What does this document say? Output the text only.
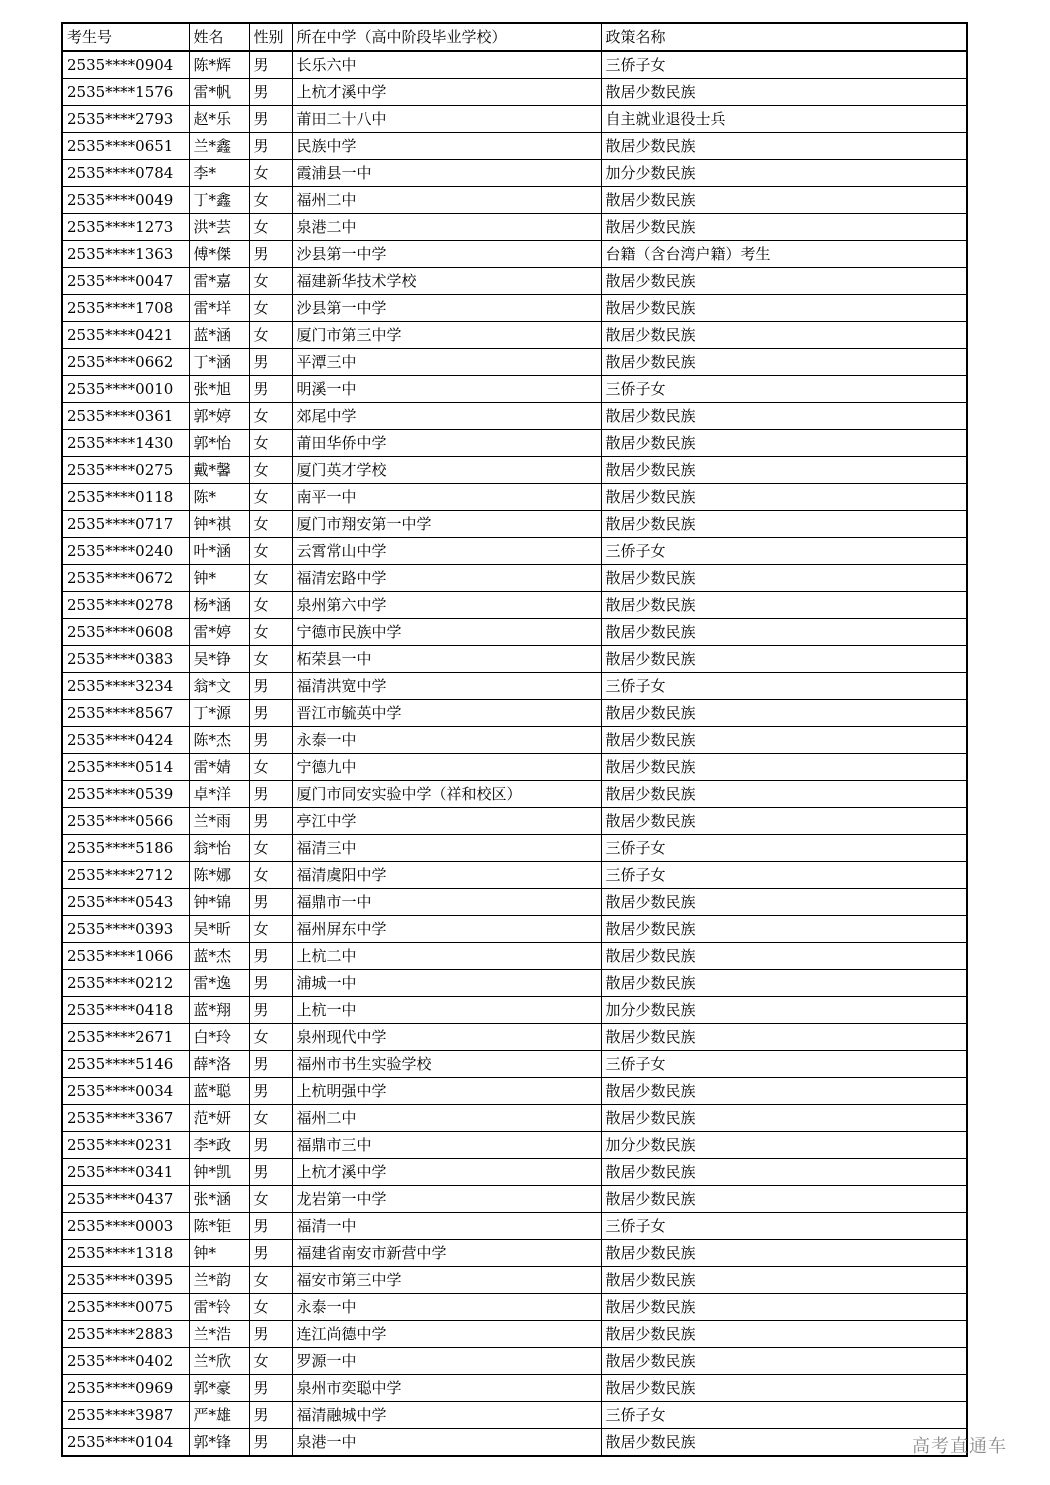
考生号	姓名	性别	所在中学（高中阶段毕业学校）	政策名称
2535****0904	陈*辉	男	长乐六中	三侨子女
2535****1576	雷*帆	男	上杭才溪中学	散居少数民族
2535****2793	赵*乐	男	莆田二十八中	自主就业退役士兵
2535****0651	兰*鑫	男	民族中学	散居少数民族
2535****0784	李*	女	霞浦县一中	加分少数民族
2535****0049	丁*鑫	女	福州二中	散居少数民族
2535****1273	洪*芸	女	泉港二中	散居少数民族
2535****1363	傅*傑	男	沙县第一中学	台籍（含台湾户籍）考生
2535****0047	雷*嘉	女	福建新华技术学校	散居少数民族
2535****1708	雷*垟	女	沙县第一中学	散居少数民族
2535****0421	蓝*涵	女	厦门市第三中学	散居少数民族
2535****0662	丁*涵	男	平潭三中	散居少数民族
2535****0010	张*旭	男	明溪一中	三侨子女
2535****0361	郭*婷	女	郊尾中学	散居少数民族
2535****1430	郭*怡	女	莆田华侨中学	散居少数民族
2535****0275	戴*馨	女	厦门英才学校	散居少数民族
2535****0118	陈*	女	南平一中	散居少数民族
2535****0717	钟*祺	女	厦门市翔安第一中学	散居少数民族
2535****0240	叶*涵	女	云霄常山中学	三侨子女
2535****0672	钟*	女	福清宏路中学	散居少数民族
2535****0278	杨*涵	女	泉州第六中学	散居少数民族
2535****0608	雷*婷	女	宁德市民族中学	散居少数民族
2535****0383	吴*铮	女	柘荣县一中	散居少数民族
2535****3234	翁*文	男	福清洪宽中学	三侨子女
2535****8567	丁*源	男	晋江市毓英中学	散居少数民族
2535****0424	陈*杰	男	永泰一中	散居少数民族
2535****0514	雷*婧	女	宁德九中	散居少数民族
2535****0539	卓*洋	男	厦门市同安实验中学（祥和校区）	散居少数民族
2535****0566	兰*雨	男	亭江中学	散居少数民族
2535****5186	翁*怡	女	福清三中	三侨子女
2535****2712	陈*娜	女	福清虞阳中学	三侨子女
2535****0543	钟*锦	男	福鼎市一中	散居少数民族
2535****0393	吴*昕	女	福州屏东中学	散居少数民族
2535****1066	蓝*杰	男	上杭二中	散居少数民族
2535****0212	雷*逸	男	浦城一中	散居少数民族
2535****0418	蓝*翔	男	上杭一中	加分少数民族
2535****2671	白*玲	女	泉州现代中学	散居少数民族
2535****5146	薛*洛	男	福州市书生实验学校	三侨子女
2535****0034	蓝*聪	男	上杭明强中学	散居少数民族
2535****3367	范*妍	女	福州二中	散居少数民族
2535****0231	李*政	男	福鼎市三中	加分少数民族
2535****0341	钟*凯	男	上杭才溪中学	散居少数民族
2535****0437	张*涵	女	龙岩第一中学	散居少数民族
2535****0003	陈*钜	男	福清一中	三侨子女
2535****1318	钟*	男	福建省南安市新营中学	散居少数民族
2535****0395	兰*韵	女	福安市第三中学	散居少数民族
2535****0075	雷*铃	女	永泰一中	散居少数民族
2535****2883	兰*浩	男	连江尚德中学	散居少数民族
2535****0402	兰*欣	女	罗源一中	散居少数民族
2535****0969	郭*豪	男	泉州市奕聪中学	散居少数民族
2535****3987	严*雄	男	福清融城中学	三侨子女
2535****0104	郭*锋	男	泉港一中	散居少数民族	高考直通车
